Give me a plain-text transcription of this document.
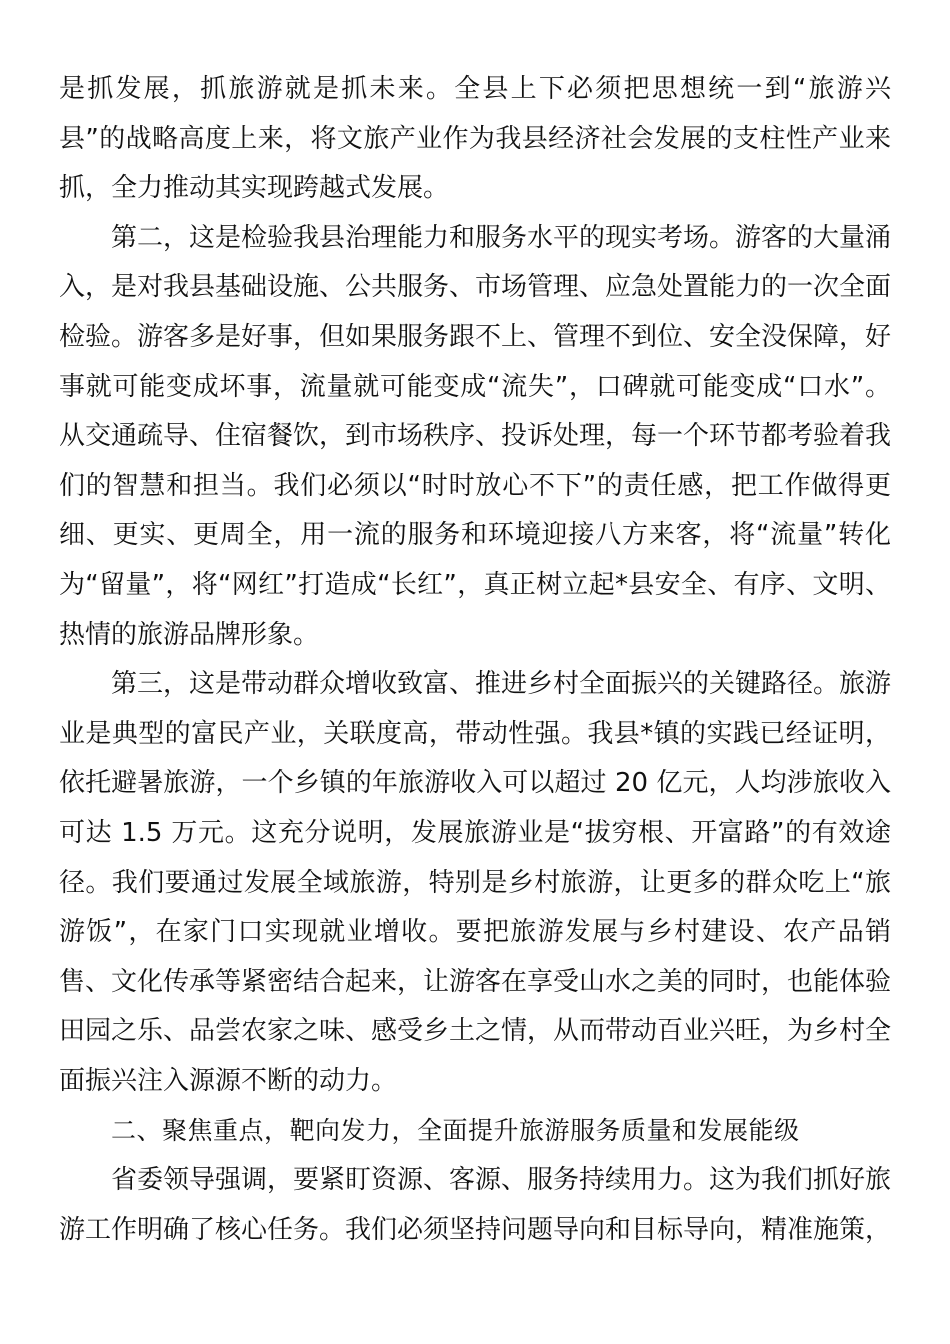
是抓发展，抓旅游就是抓未来。全县上下必须把思想统一到“旅游兴县”的战略高度上来，将文旅产业作为我县经济社会发展的支柱性产业来抓，全力推动其实现跨越式发展。

第二，这是检验我县治理能力和服务水平的现实考场。游客的大量涌入，是对我县基础设施、公共服务、市场管理、应急处置能力的一次全面检验。游客多是好事，但如果服务跟不上、管理不到位、安全没保障，好事就可能变成坏事，流量就可能变成“流失”，口碑就可能变成“口水”。从交通疏导、住宿餐饮，到市场秩序、投诉处理，每一个环节都考验着我们的智慧和担当。我们必须以“时时放心不下”的责任感，把工作做得更细、更实、更周全，用一流的服务和环境迎接八方来客，将“流量”转化为“留量”，将“网红”打造成“长红”，真正树立起*县安全、有序、文明、热情的旅游品牌形象。

第三，这是带动群众增收致富、推进乡村全面振兴的关键路径。旅游业是典型的富民产业，关联度高，带动性强。我县*镇的实践已经证明，依托避暑旅游，一个乡镇的年旅游收入可以超过 20 亿元，人均涉旅收入可达 1.5 万元。这充分说明，发展旅游业是“拔穷根、开富路”的有效途径。我们要通过发展全域旅游，特别是乡村旅游，让更多的群众吃上“旅游饭”，在家门口实现就业增收。要把旅游发展与乡村建设、农产品销售、文化传承等紧密结合起来，让游客在享受山水之美的同时，也能体验田园之乐、品尝农家之味、感受乡土之情，从而带动百业兴旺，为乡村全面振兴注入源源不断的动力。

二、聚焦重点，靶向发力，全面提升旅游服务质量和发展能级

省委领导强调，要紧盯资源、客源、服务持续用力。这为我们抓好旅游工作明确了核心任务。我们必须坚持问题导向和目标导向，精准施策，
